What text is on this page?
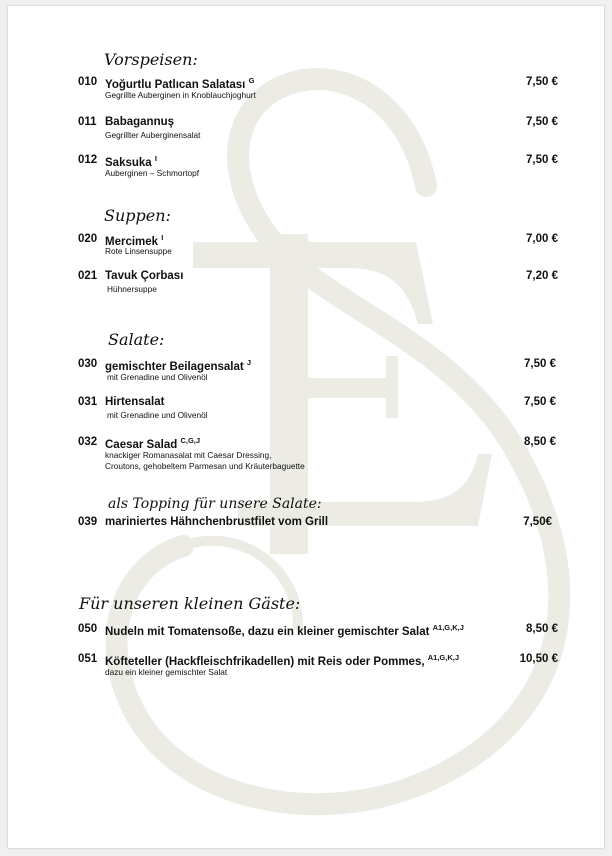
Vorspeisen:
010 Yoğurtlu Patlıcan Salatası $^G$
Gegrillte Auberginen in Knoblauchjoghurt
7,50 €
011 Babagannuş
Gegrillter Auberginensalat
7,50 €
012 Saksuka $^I$
Auberginen – Schmortopf
7,50 €
Suppen:
020 Mercimek $^I$
Rote Linsensuppe
7,00 €
021 Tavuk Çorbası
Hühnersuppe
7,20 €
Salate:
030 gemischter Beilagensalat $^J$
mit Grenadine und Olivenöl
7,50 €
031 Hirtensalat
mit Grenadine und Olivenöl
7,50 €
032 Caesar Salad $^{C,G,J}$
knackiger Romanasalat mit Caesar Dressing,
Croutons, gehobeltem Parmesan und Kräuterbaguette
8,50 €
als Topping für unsere Salate:
039 mariniertes Hähnchenbrustfilet vom Grill	7,50€
Für unseren kleinen Gäste:
050 Nudeln mit Tomatensoße, dazu ein kleiner gemischter Salat $^{A1,G,K,J}$	8,50 €
051 Köfteteller (Hackfleischfrikadellen) mit Reis oder Pommes, $^{A1,G,K,J}$
dazu ein kleiner gemischter Salat
10,50 €
